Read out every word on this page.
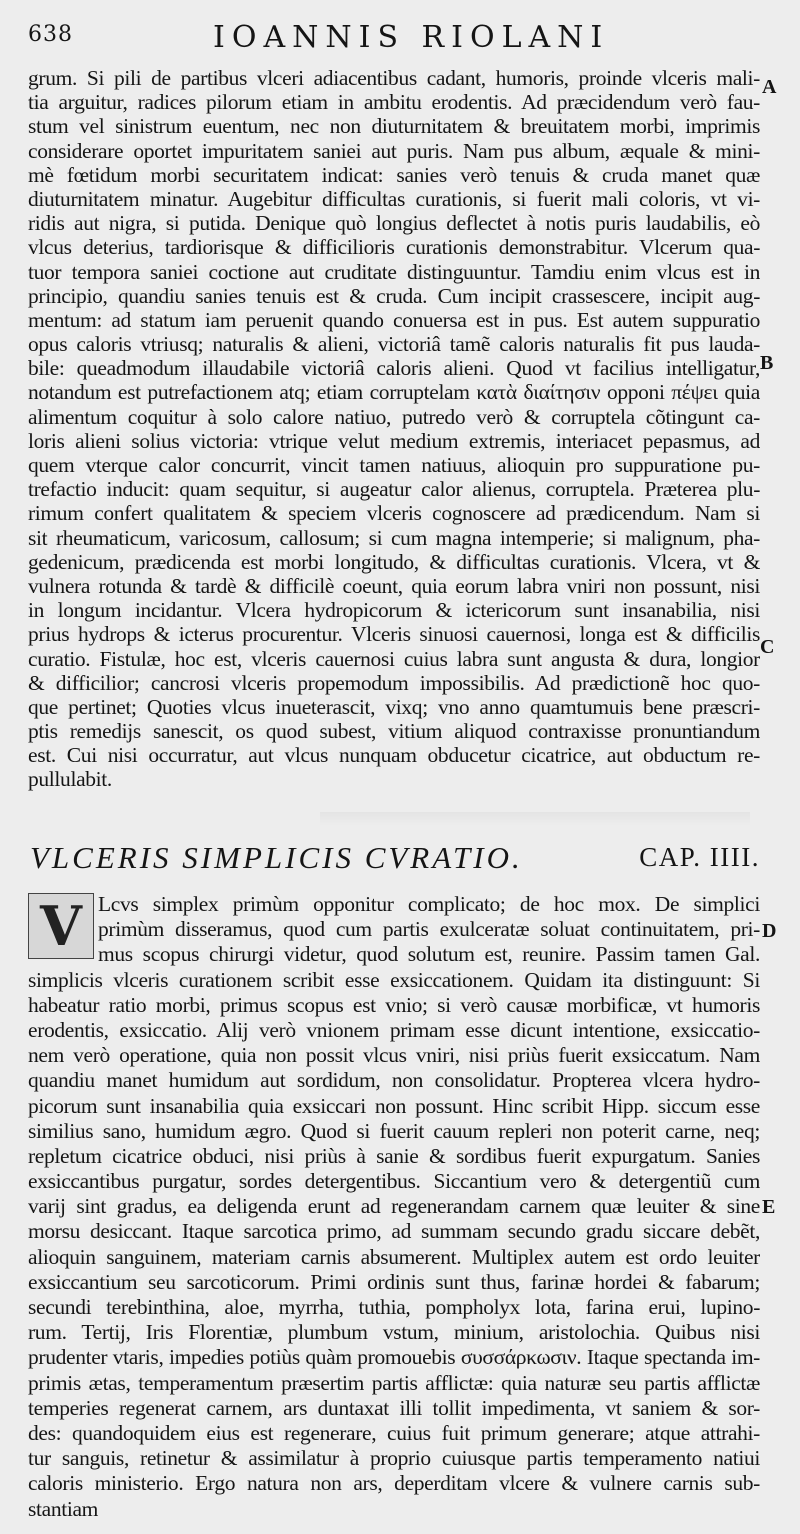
638	IOANNIS RIOLANI
grum. Si pili de partibus vlceri adiacentibus cadant, humoris, proinde vlceris mali-
tia arguitur, radices pilorum etiam in ambitu erodentis. Ad præcidendum verò fau-
stum vel sinistrum euentum, nec non diuturnitatem & breuitatem morbi, imprimis
considerare oportet impuritatem saniei aut puris. Nam pus album, æquale & mini-
mè fœtidum morbi securitatem indicat: sanies verò tenuis & cruda manet quæ
diuturnitatem minatur. Augebitur difficultas curationis, si fuerit mali coloris, vt vi-
ridis aut nigra, si putida. Denique quò longius deflectet à notis puris laudabilis, eò
vlcus deterius, tardiorisque & difficilioris curationis demonstrabitur. Vlcerum qua-
tuor tempora saniei coctione aut cruditate distinguuntur. Tamdiu enim vlcus est in
principio, quandiu sanies tenuis est & cruda. Cum incipit crassescere, incipit aug-
mentum: ad statum iam peruenit quando conuersa est in pus. Est autem suppuratio
opus caloris vtriusq; naturalis & alieni, victoriâ tamẽ caloris naturalis fit pus lauda-
bile: queadmodum illaudabile victoriâ caloris alieni. Quod vt facilius intelligatur,
notandum est putrefactionem atq; etiam corruptelam κατὰ διαίτησιν opponi πέψει quia
alimentum coquitur à solo calore natiuo, putredo verò & corruptela cõtingunt ca-
loris alieni solius victoria: vtrique velut medium extremis, interiacet pepasmus, ad
quem vterque calor concurrit, vincit tamen natiuus, alioquin pro suppuratione pu-
trefactio inducit: quam sequitur, si augeatur calor alienus, corruptela. Præterea plu-
rimum confert qualitatem & speciem vlceris cognoscere ad prædicendum. Nam si
sit rheumaticum, varicosum, callosum; si cum magna intemperie; si malignum, pha-
gedenicum, prædicenda est morbi longitudo, & difficultas curationis. Vlcera, vt &
vulnera rotunda & tardè & difficilè coeunt, quia eorum labra vniri non possunt, nisi
in longum incidantur. Vlcera hydropicorum & ictericorum sunt insanabilia, nisi
prius hydrops & icterus procurentur. Vlceris sinuosi cauernosi, longa est & difficilis
curatio. Fistulæ, hoc est, vlceris cauernosi cuius labra sunt angusta & dura, longior
& difficilior; cancrosi vlceris propemodum impossibilis. Ad prædictionẽ hoc quo-
que pertinet; Quoties vlcus inueterascit, vixq; vno anno quamtumuis bene præscri-
ptis remedijs sanescit, os quod subest, vitium aliquod contraxisse pronuntiandum
est. Cui nisi occurratur, aut vlcus nunquam obducetur cicatrice, aut obductum re-
pullulabit.
VLCERIS SIMPLICIS CVRATIO.	CAP. IIII.
V Lcvs simplex primùm opponitur complicato; de hoc mox. De simplici
primùm disseramus, quod cum partis exulceratæ soluat continuitatem, pri-
mus scopus chirurgi videtur, quod solutum est, reunire. Passim tamen Gal.
simplicis vlceris curationem scribit esse exsiccationem. Quidam ita distinguunt: Si
habeatur ratio morbi, primus scopus est vnio; si verò causæ morbificæ, vt humoris
erodentis, exsiccatio. Alij verò vnionem primam esse dicunt intentione, exsiccatio-
nem verò operatione, quia non possit vlcus vniri, nisi priùs fuerit exsiccatum. Nam
quandiu manet humidum aut sordidum, non consolidatur. Propterea vlcera hydro-
picorum sunt insanabilia quia exsiccari non possunt. Hinc scribit Hipp. siccum esse
similius sano, humidum ægro. Quod si fuerit cauum repleri non poterit carne, neq;
repletum cicatrice obduci, nisi priùs à sanie & sordibus fuerit expurgatum. Sanies
exsiccantibus purgatur, sordes detergentibus. Siccantium vero & detergentiũ cum
varij sint gradus, ea deligenda erunt ad regenerandam carnem quæ leuiter & sine
morsu desiccant. Itaque sarcotica primo, ad summam secundo gradu siccare debẽt,
alioquin sanguinem, materiam carnis absumerent. Multiplex autem est ordo leuiter
exsiccantium seu sarcoticorum. Primi ordinis sunt thus, farinæ hordei & fabarum;
secundi terebinthina, aloe, myrrha, tuthia, pompholyx lota, farina erui, lupino-
rum. Tertij, Iris Florentiæ, plumbum vstum, minium, aristolochia. Quibus nisi
prudenter vtaris, impedies potiùs quàm promouebis συσσάρκωσιν. Itaque spectanda im-
primis ætas, temperamentum præsertim partis afflictæ: quia naturæ seu partis afflictæ
temperies regenerat carnem, ars duntaxat illi tollit impedimenta, vt saniem & sor-
des: quandoquidem eius est regenerare, cuius fuit primum generare; atque attrahi-
tur sanguis, retinetur & assimilatur à proprio cuiusque partis temperamento natiui
caloris ministerio. Ergo natura non ars, deperditam vlcere & vulnere carnis sub-
stantiam
A
B
C
D
E
